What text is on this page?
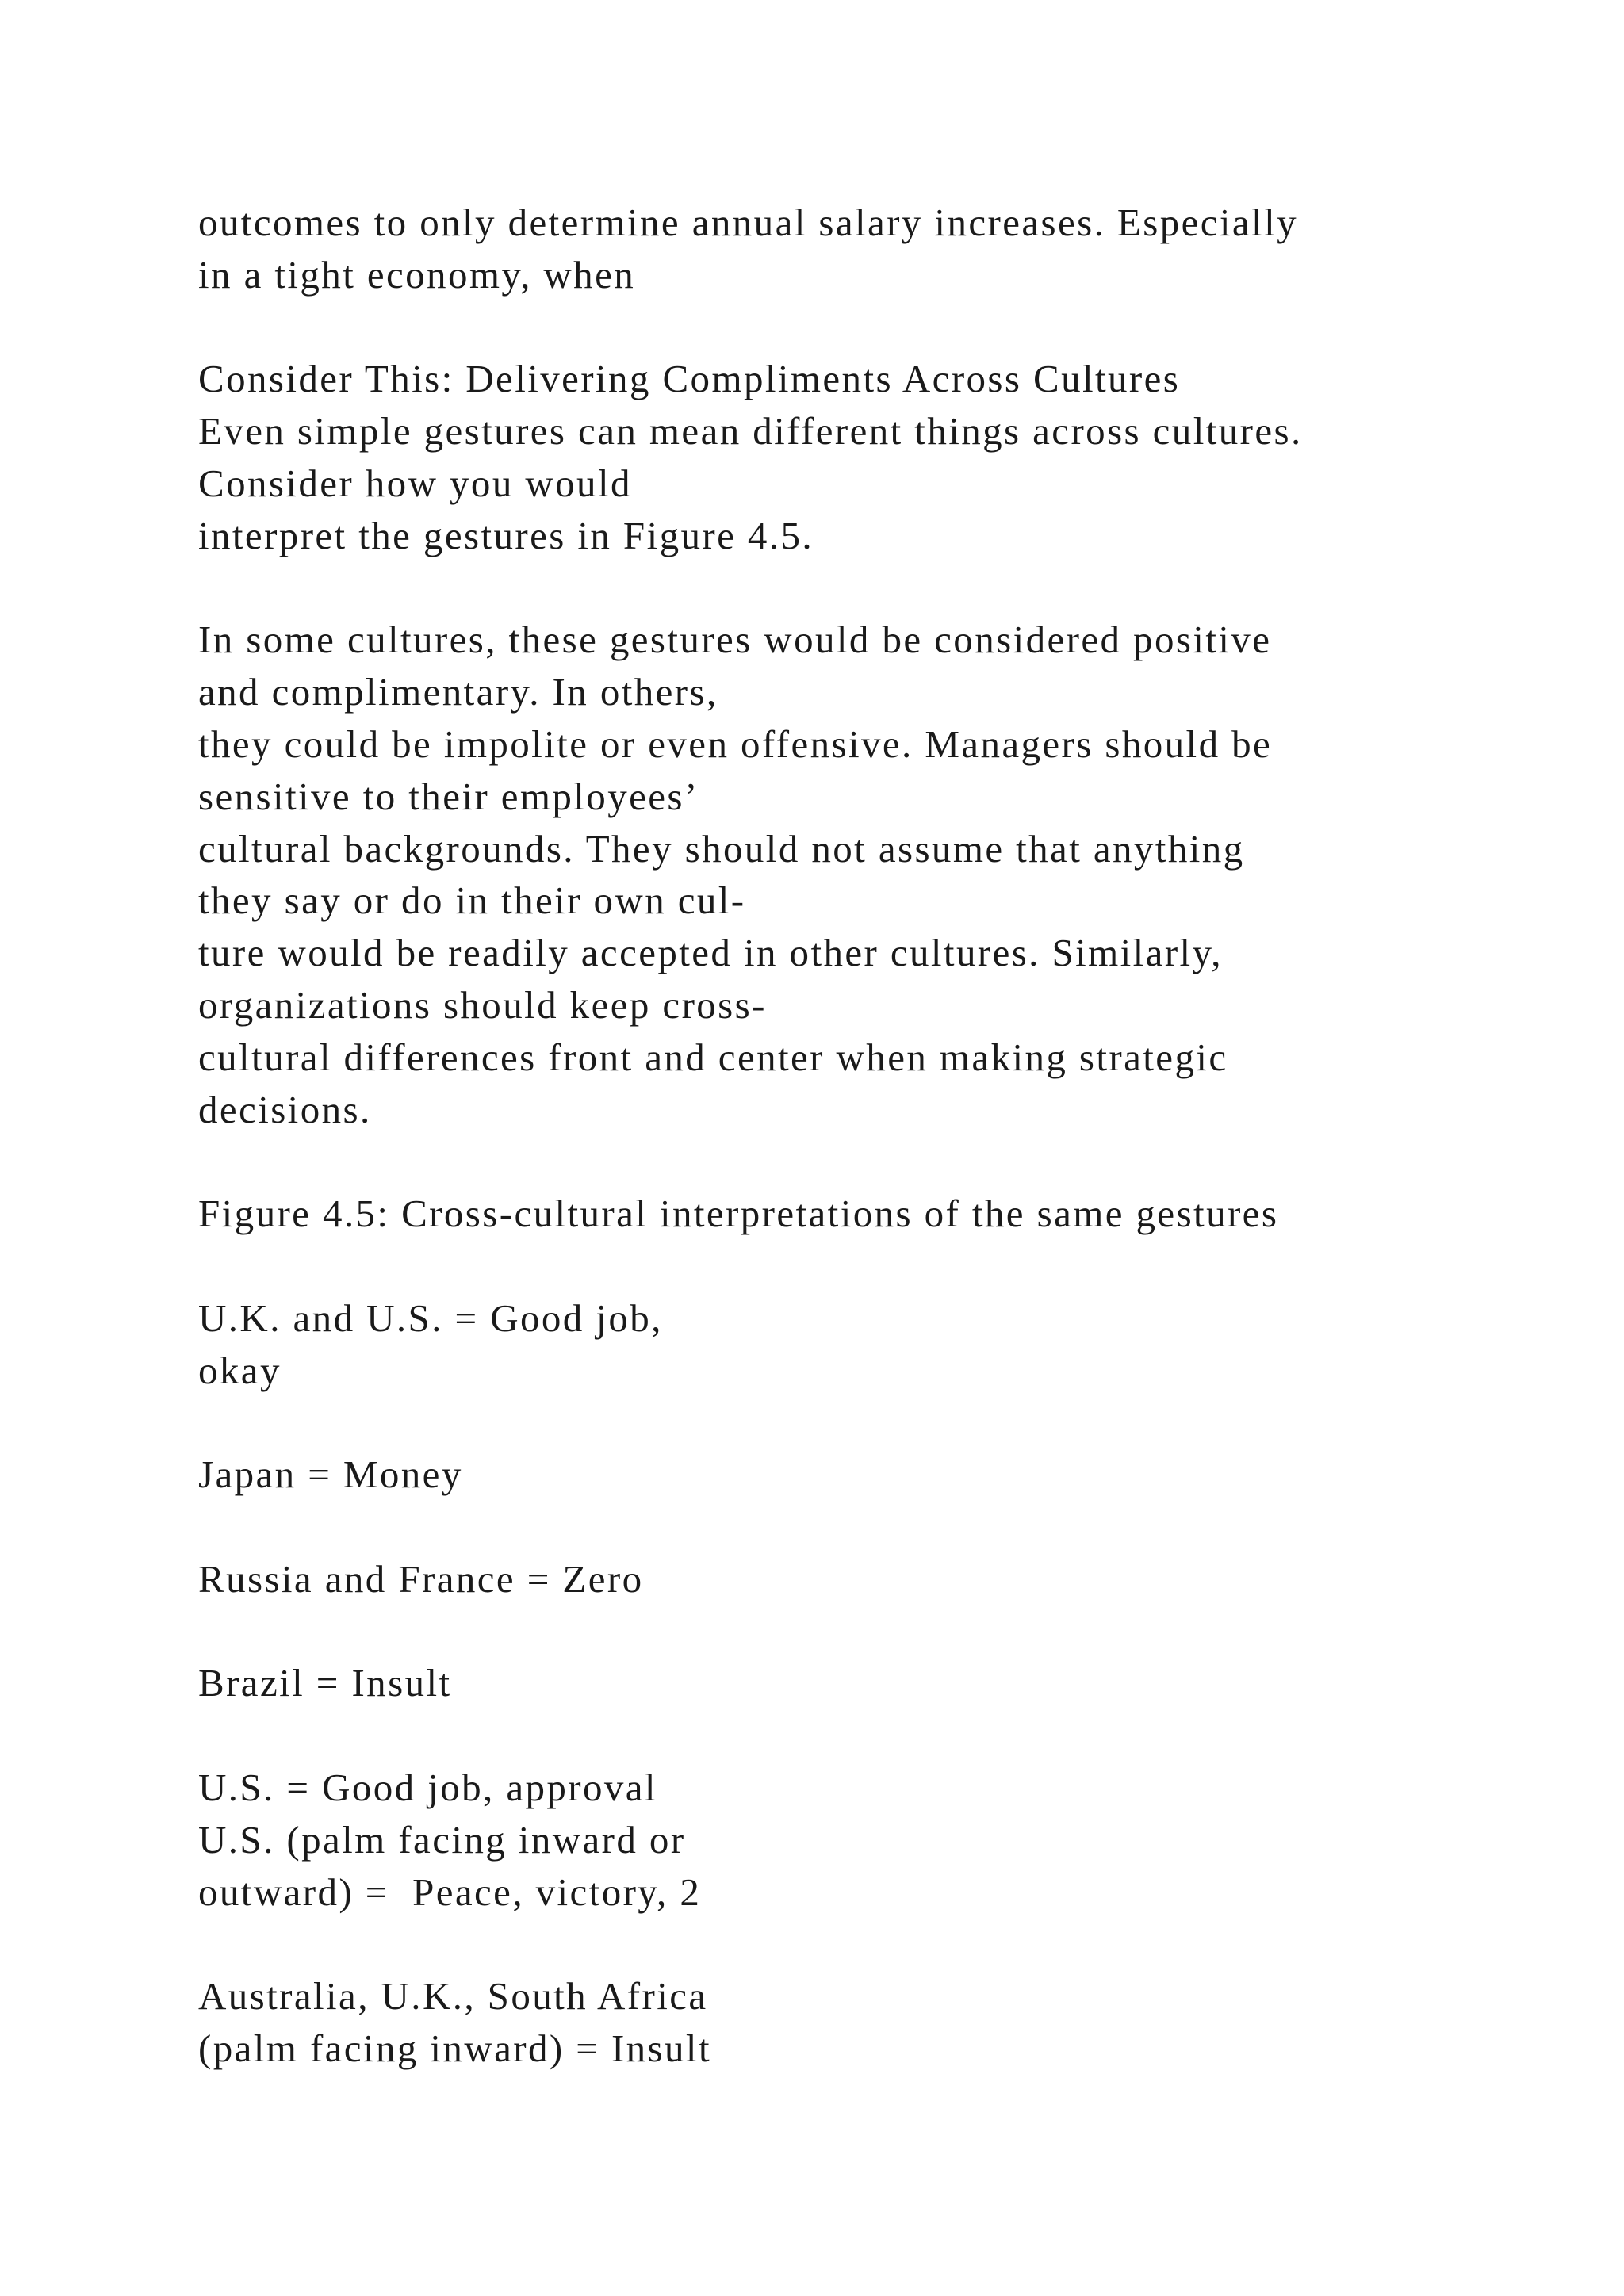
outcomes to only determine annual salary increases. Especially
in a tight economy, when
Consider This: Delivering Compliments Across Cultures
Even simple gestures can mean different things across cultures.
Consider how you would
interpret the gestures in Figure 4.5.
In some cultures, these gestures would be considered positive
and complimentary. In others,
they could be impolite or even offensive. Managers should be
sensitive to their employees’
cultural backgrounds. They should not assume that anything
they say or do in their own cul-
ture would be readily accepted in other cultures. Similarly,
organizations should keep cross-
cultural differences front and center when making strategic
decisions.
Figure 4.5: Cross-cultural interpretations of the same gestures
U.K. and U.S. = Good job,
okay
Japan = Money
Russia and France = Zero
Brazil = Insult
U.S. = Good job, approval
U.S. (palm facing inward or
outward) =  Peace, victory, 2
Australia, U.K., South Africa
(palm facing inward) = Insult
